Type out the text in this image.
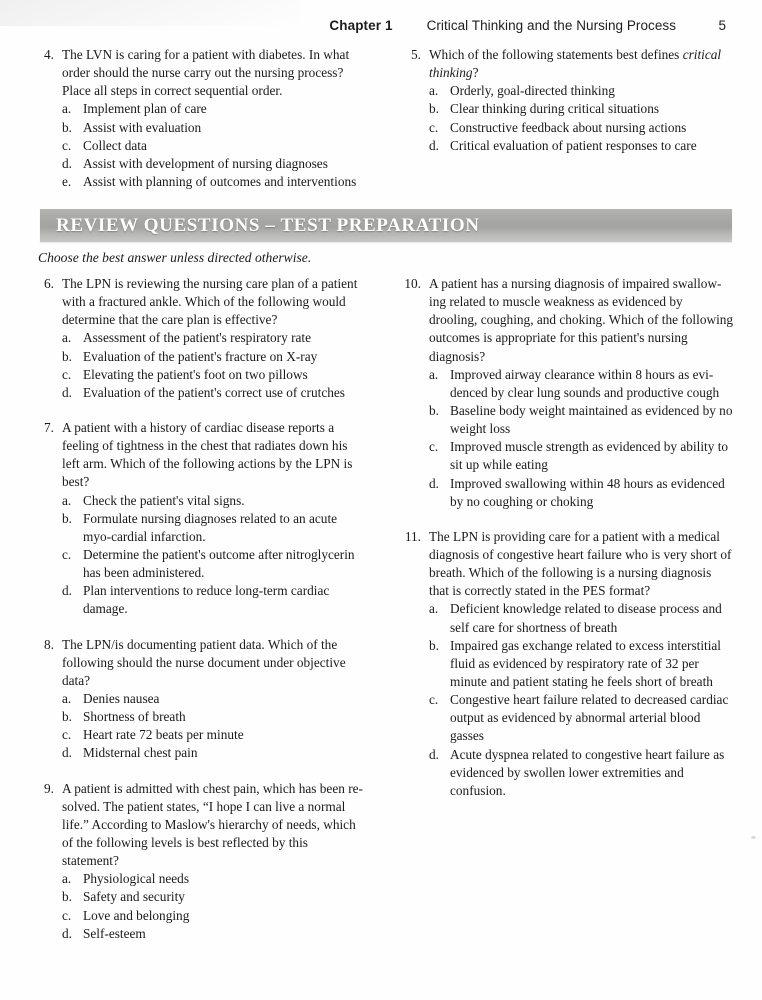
Chapter 1	Critical Thinking and the Nursing Process	5
4. The LVN is caring for a patient with diabetes. In what order should the nurse carry out the nursing process? Place all steps in correct sequential order.

a. Implement plan of care
b. Assist with evaluation
c. Collect data
d. Assist with development of nursing diagnoses
e. Assist with planning of outcomes and interventions
5. Which of the following statements best defines critical thinking?

a. Orderly, goal-directed thinking
b. Clear thinking during critical situations
c. Constructive feedback about nursing actions
d. Critical evaluation of patient responses to care
REVIEW QUESTIONS – TEST PREPARATION
Choose the best answer unless directed otherwise.
6. The LPN is reviewing the nursing care plan of a patient with a fractured ankle. Which of the following would determine that the care plan is effective?

a. Assessment of the patient's respiratory rate
b. Evaluation of the patient's fracture on X-ray
c. Elevating the patient's foot on two pillows
d. Evaluation of the patient's correct use of crutches
7. A patient with a history of cardiac disease reports a feeling of tightness in the chest that radiates down his left arm. Which of the following actions by the LPN is best?

a. Check the patient's vital signs.
b. Formulate nursing diagnoses related to an acute myo-cardial infarction.
c. Determine the patient's outcome after nitroglycerin has been administered.
d. Plan interventions to reduce long-term cardiac damage.
8. The LPN/is documenting patient data. Which of the following should the nurse document under objective data?

a. Denies nausea
b. Shortness of breath
c. Heart rate 72 beats per minute
d. Midsternal chest pain
9. A patient is admitted with chest pain, which has been re-solved. The patient states, “I hope I can live a normal life.” According to Maslow's hierarchy of needs, which of the following levels is best reflected by this statement?

a. Physiological needs
b. Safety and security
c. Love and belonging
d. Self-esteem
10. A patient has a nursing diagnosis of impaired swallow-ing related to muscle weakness as evidenced by drooling, coughing, and choking. Which of the following outcomes is appropriate for this patient's nursing diagnosis?

a. Improved airway clearance within 8 hours as evi-denced by clear lung sounds and productive cough
b. Baseline body weight maintained as evidenced by no weight loss
c. Improved muscle strength as evidenced by ability to sit up while eating
d. Improved swallowing within 48 hours as evidenced by no coughing or choking
11. The LPN is providing care for a patient with a medical diagnosis of congestive heart failure who is very short of breath. Which of the following is a nursing diagnosis that is correctly stated in the PES format?

a. Deficient knowledge related to disease process and self care for shortness of breath
b. Impaired gas exchange related to excess interstitial fluid as evidenced by respiratory rate of 32 per minute and patient stating he feels short of breath
c. Congestive heart failure related to decreased cardiac output as evidenced by abnormal arterial blood gasses
d. Acute dyspnea related to congestive heart failure as evidenced by swollen lower extremities and confusion.
